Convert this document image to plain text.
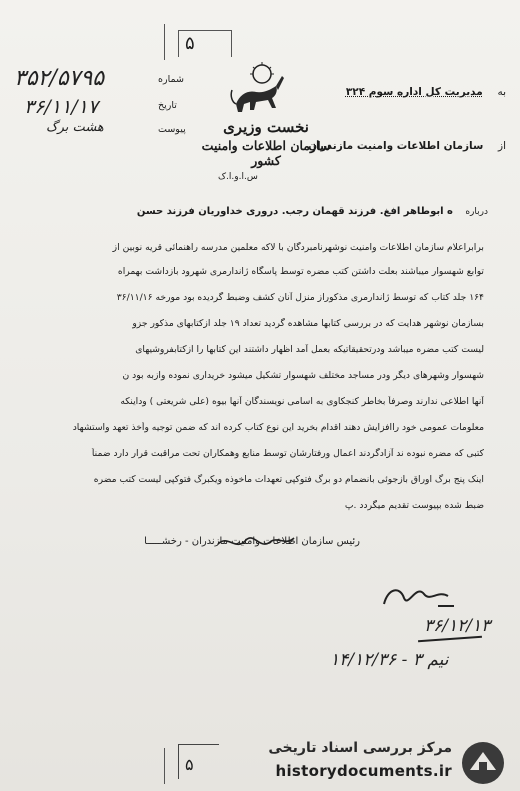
۵
به  مدیریت کل اداره سوم ۳۲۴
از  سازمان اطلاعات وامنیت مازندران
شماره
تاریخ
پیوست
۳۵۲/۵۷۹۵
۳۶/۱۱/۱۷
هشت برگ	نخست وزیری
سازمان اطلاعات وامنیت کشور
س.ا.و.ا.ک
درباره  ه ابوطاهر افغ. فرزند قهمان رجب. دروری خداوریان فرزند حسن
برابراعلام سازمان اطلاعات وامنیت نوشهرنامبردگان با لاکه معلمین مدرسه راهنمائی قریه نوبین از
توابع شهسوار میباشند بعلت داشتن کتب مضره توسط پاسگاه ژاندارمری شهرود بازداشت بهمراه
۱۶۴ جلد کتاب که توسط ژاندارمری مذکوراز منزل آنان کشف وضبط گردیده بود مورخه ۳۶/۱۱/۱۶
بسازمان نوشهر هدایت که در بررسی کتابها مشاهده گردید تعداد ۱۹ جلد ازکتابهای مذکور جزو
لیست کتب مضره میباشد ودرتحقیقاتیکه بعمل آمد اظهار داشتند این کتابها را ازکتابفروشیهای
شهسوار وشهرهای دیگر ودر مساجد مختلف شهسوار تشکیل میشود خریداری نموده وازبه بود ن
آنها اطلاعی ندارند وصرفاً بخاطر کنجکاوی به اسامی نویسندگان آنها بیوه (علی شریعتی ) وداینکه
معلومات عمومی خود راافزایش دهند اقدام بخرید این نوع کتاب کرده اند که ضمن توجیه وأخذ تعهد واستشهاد
کتبی که مضره نبوده ند آزادگردند اعمال ورفتارشان توسط منابع وهمکاران تحت مراقبت قرار دارد ضمناً
اینک پنج برگ اوراق بازجوئی بانضمام دو برگ فتوکپی تعهدات ماخوذه ویکبرگ فتوکپی لیست کتب مضره
ضبط شده بپیوست تقدیم میگردد .پ
رئیس سازمان اطلاعات وامنیت مازندران - رخشـــــا
۳۶/۱۲/۱۳
نیم ۳ - ۱۴/۱۲/۳۶
۵
مرکز بررسی اسناد تاریخی
historydocuments.ir
